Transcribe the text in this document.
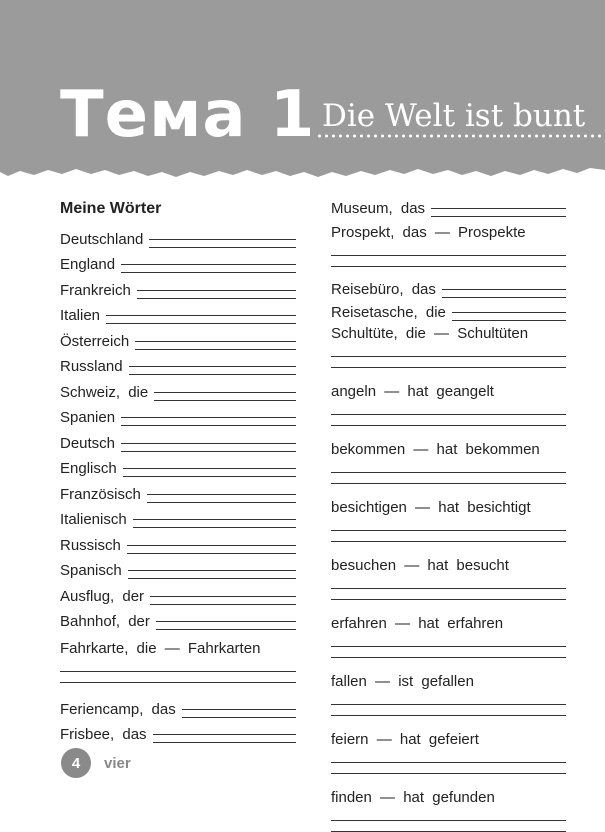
Тема 1 Die Welt ist bunt
Meine Wörter
Deutschland
England
Frankreich
Italien
Österreich
Russland
Schweiz, die
Spanien
Deutsch
Englisch
Französisch
Italienisch
Russisch
Spanisch
Ausflug, der
Bahnhof, der
Fahrkarte, die — Fahrkarten
Feriencamp, das
Frisbee, das
Museum, das
Prospekt, das — Prospekte
Reisebüro, das
Reisetasche, die
Schultüte, die — Schultüten
angeln — hat geangelt
bekommen — hat bekommen
besichtigen — hat besichtigt
besuchen — hat besucht
erfahren — hat erfahren
fallen — ist gefallen
feiern — hat gefeiert
finden — hat gefunden
4	vier
